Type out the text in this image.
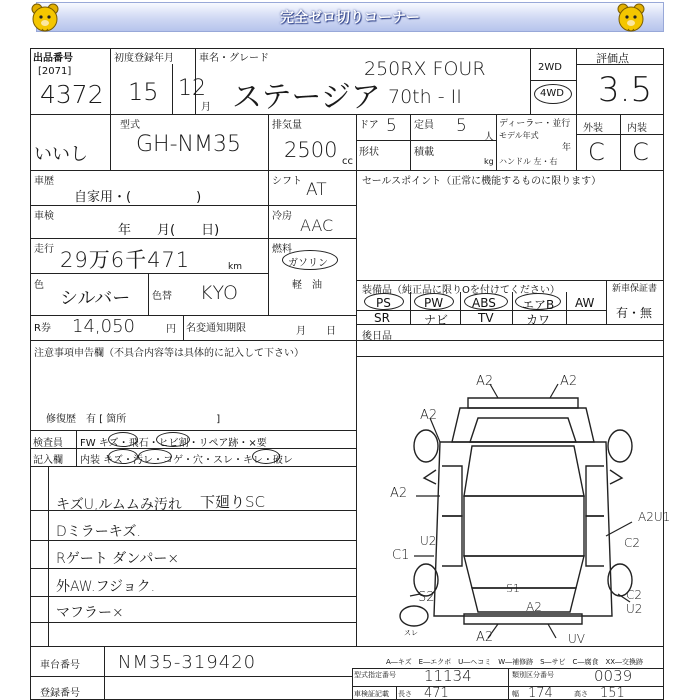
完全ゼロ切りコーナー
出品番号
[2071]
4372
初度登録年月
15 12
月
車名・グレード
ステージア
250RX FOUR
70th - II
2WD
4WD
評価点
3.5
型式
GH-NM35
いいし
排気量
2500 cc
ドア 5 定員 5
人
形状	積載
kg
ディーラー・並行
モデル年式
年
ハンドル 左・右
外装 内装
C C
車歴
自家用・(　　　　　)
車検
年　　月(　　日)
走行 29万6千471	km
色
シルバー 色替 KYO
R券 14,050	円 名変通知期限	月　　日
シフト AT
冷房 AAC
燃料
ガソリン
軽　油
注意事項申告欄（不具合内容等は具体的に記入して下さい）
修復歴　有 [ 箇所　　　　　　　　　]
セールスポイント（正常に機能するものに限ります）
装備品（純正品に限りOを付けてください）	新車保証書
有・無
PS	PW ABS エアB AW
SR	ナビ TV	カワ
後日品
検査員
記入欄
FW キズ・飛石・ヒビ割・リペア跡・×要
内装 キズ・汚レ・コゲ・穴・スレ・キレ・破レ
キズU,ルムムみ汚れ 下廻りSC
Dミラーキズ.
Rゲート ダンパー×
外AW.フジョク.
マフラー×
A2	A2
A2
A2
A2U1
U2	C2
C1
S2	C2
A2	U2
A2	UV
スレ
S1
A―キズ　E―エクボ　U―ヘコミ　W―補修跡　S―サビ　C―腐食　XX―交換跡
車台番号 NM35-319420
登録番号
型式指定番号 11134	類別区分番号	0039
車検証記載 長さ 471	幅 174	高さ 151
